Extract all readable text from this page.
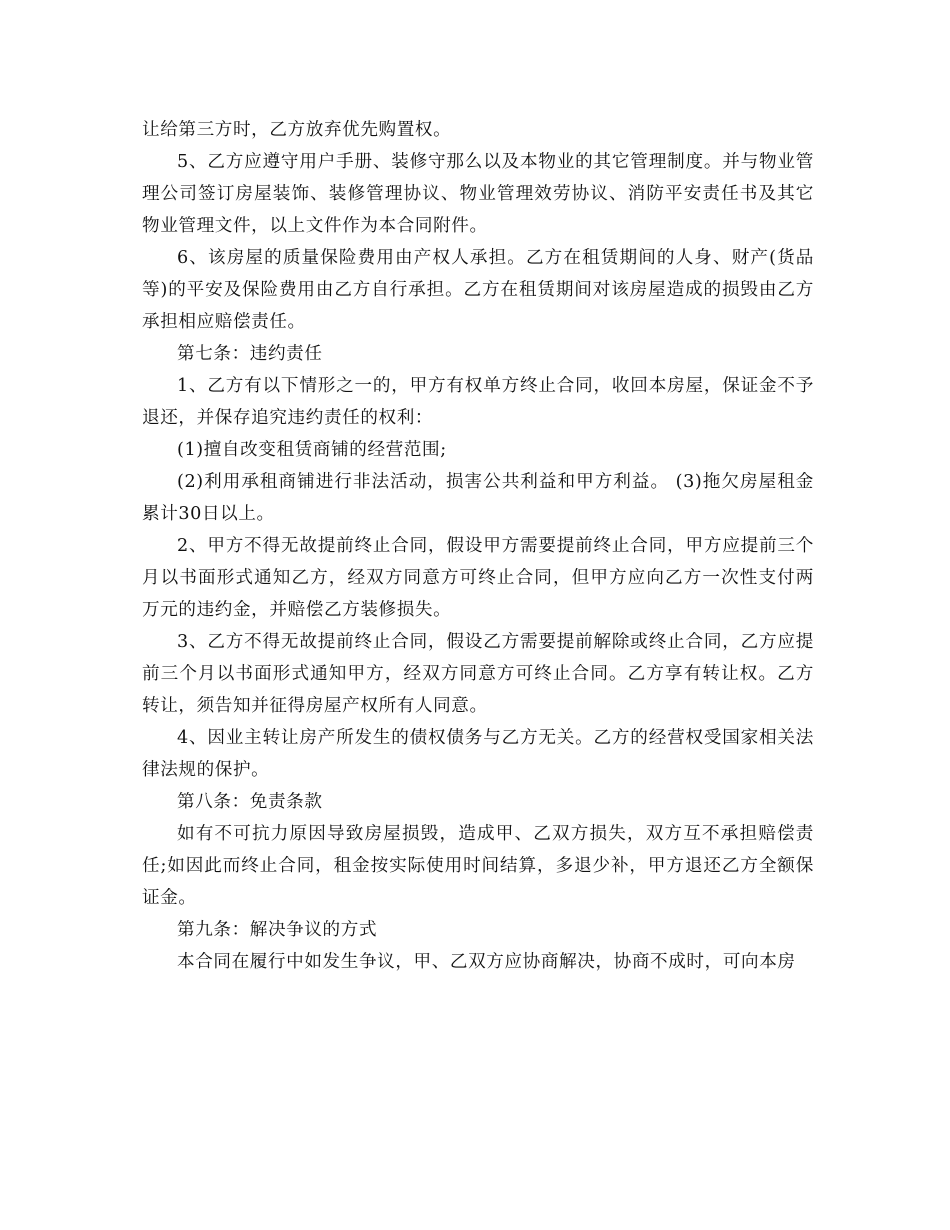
让给第三方时，乙方放弃优先购置权。

5、乙方应遵守用户手册、装修守那么以及本物业的其它管理制度。并与物业管理公司签订房屋装饰、装修管理协议、物业管理效劳协议、消防平安责任书及其它物业管理文件，以上文件作为本合同附件。

6、该房屋的质量保险费用由产权人承担。乙方在租赁期间的人身、财产(货品等)的平安及保险费用由乙方自行承担。乙方在租赁期间对该房屋造成的损毁由乙方承担相应赔偿责任。

第七条：违约责任

1、乙方有以下情形之一的，甲方有权单方终止合同，收回本房屋，保证金不予退还，并保存追究违约责任的权利：

(1)擅自改变租赁商铺的经营范围;

(2)利用承租商铺进行非法活动，损害公共利益和甲方利益。 (3)拖欠房屋租金累计30日以上。

2、甲方不得无故提前终止合同，假设甲方需要提前终止合同，甲方应提前三个月以书面形式通知乙方，经双方同意方可终止合同，但甲方应向乙方一次性支付两万元的违约金，并赔偿乙方装修损失。

3、乙方不得无故提前终止合同，假设乙方需要提前解除或终止合同，乙方应提前三个月以书面形式通知甲方，经双方同意方可终止合同。乙方享有转让权。乙方转让，须告知并征得房屋产权所有人同意。

4、因业主转让房产所发生的债权债务与乙方无关。乙方的经营权受国家相关法律法规的保护。

第八条：免责条款

如有不可抗力原因导致房屋损毁，造成甲、乙双方损失，双方互不承担赔偿责任;如因此而终止合同，租金按实际使用时间结算，多退少补，甲方退还乙方全额保证金。

第九条：解决争议的方式

本合同在履行中如发生争议，甲、乙双方应协商解决，协商不成时，可向本房
